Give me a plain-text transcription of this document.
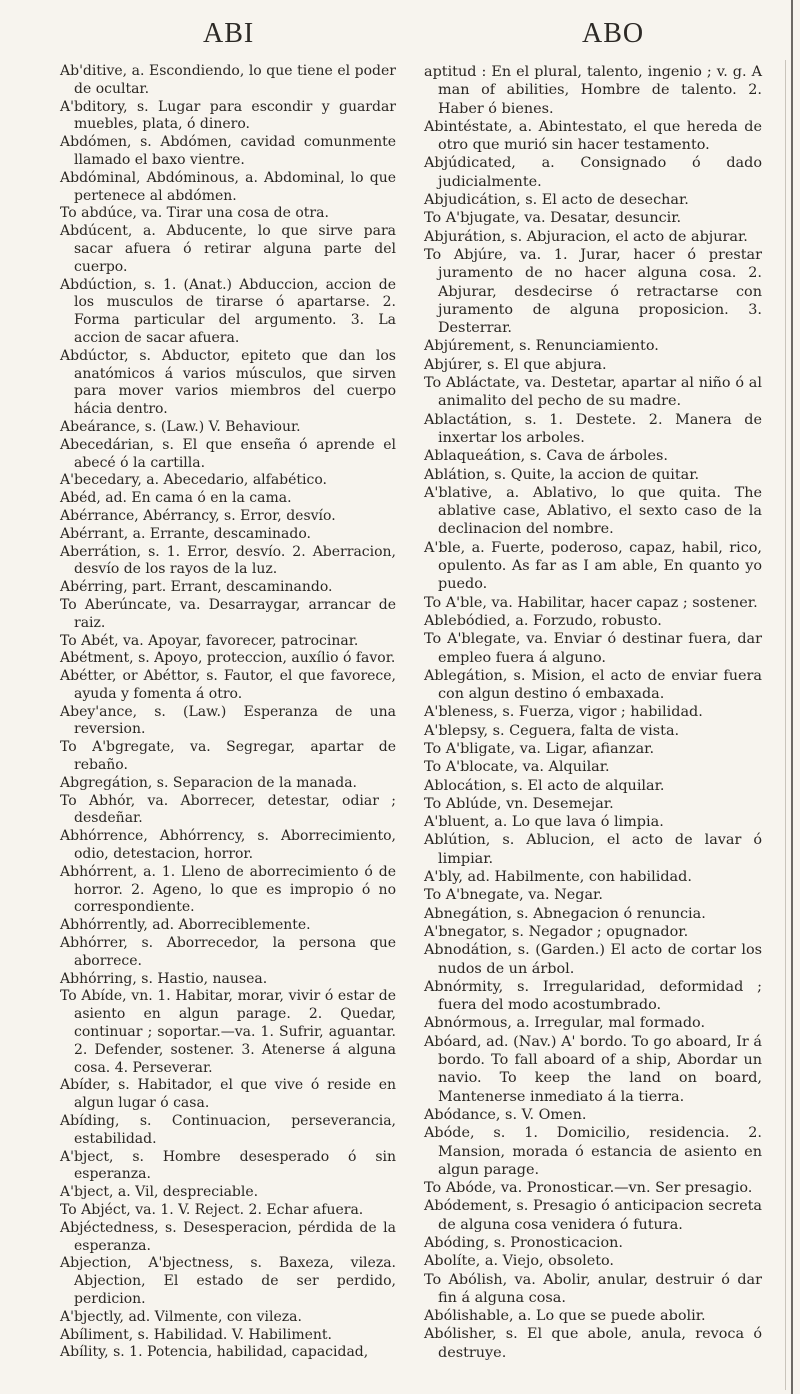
ABI	ABO

Ab'ditive, a. Escondiendo, lo que tiene el poder de ocultar.

A'bditory, s. Lugar para escondir y guardar muebles, plata, ó dinero.

Abdómen, s. Abdómen, cavidad comunmente llamado el baxo vientre.

Abdóminal, Abdóminous, a. Abdominal, lo que pertenece al abdómen.

To abdúce, va. Tirar una cosa de otra.

Abdúcent, a. Abducente, lo que sirve para sacar afuera ó retirar alguna parte del cuerpo.

Abdúction, s. 1. (Anat.) Abduccion, accion de los musculos de tirarse ó apartarse. 2. Forma particular del argumento. 3. La accion de sacar afuera.

Abdúctor, s. Abductor, epiteto que dan los anatómicos á varios músculos, que sirven para mover varios miembros del cuerpo hácia dentro.

Abeárance, s. (Law.) V. Behaviour.

Abecedárian, s. El que enseña ó aprende el abecé ó la cartilla.

A'becedary, a. Abecedario, alfabético.

Abéd, ad. En cama ó en la cama.

Abérrance, Abérrancy, s. Error, desvío.

Abérrant, a. Errante, descaminado.

Aberrátion, s. 1. Error, desvío. 2. Aberracion, desvío de los rayos de la luz.

Abérring, part. Errant, descaminando.

To Aberúncate, va. Desarraygar, arrancar de raiz.

To Abét, va. Apoyar, favorecer, patrocinar.

Abétment, s. Apoyo, proteccion, auxílio ó favor.

Abétter, or Abéttor, s. Fautor, el que favorece, ayuda y fomenta á otro.

Abey'ance, s. (Law.) Esperanza de una reversion.

To A'bgregate, va. Segregar, apartar de rebaño.

Abgregátion, s. Separacion de la manada.

To Abhór, va. Aborrecer, detestar, odiar ; desdeñar.

Abhórrence, Abhórrency, s. Aborrecimiento, odio, detestacion, horror.

Abhórrent, a. 1. Lleno de aborrecimiento ó de horror. 2. Ageno, lo que es impropio ó no correspondiente.

Abhórrently, ad. Aborreciblemente.

Abhórrer, s. Aborrecedor, la persona que aborrece.

Abhórring, s. Hastio, nausea.

To Abíde, vn. 1. Habitar, morar, vivir ó estar de asiento en algun parage. 2. Quedar, continuar ; soportar.—va. 1. Sufrir, aguantar. 2. Defender, sostener. 3. Atenerse á alguna cosa. 4. Perseverar.

Abíder, s. Habitador, el que vive ó reside en algun lugar ó casa.

Abíding, s. Continuacion, perseverancia, estabilidad.

A'bject, s. Hombre desesperado ó sin esperanza.

A'bject, a. Vil, despreciable.

To Abjéct, va. 1. V. Reject. 2. Echar afuera.

Abjéctedness, s. Desesperacion, pérdida de la esperanza.

Abjection, A'bjectness, s. Baxeza, vileza. Abjection, El estado de ser perdido, perdicion.

A'bjectly, ad. Vilmente, con vileza.

Abíliment, s. Habilidad. V. Habiliment.

Abílity, s. 1. Potencia, habilidad, capacidad,

aptitud : En el plural, talento, ingenio ; v. g. A man of abilities, Hombre de talento. 2. Haber ó bienes.

Abintéstate, a. Abintestato, el que hereda de otro que murió sin hacer testamento.

Abjúdicated, a. Consignado ó dado judicialmente.

Abjudicátion, s. El acto de desechar.

To A'bjugate, va. Desatar, desuncir.

Abjurátion, s. Abjuracion, el acto de abjurar.

To Abjúre, va. 1. Jurar, hacer ó prestar juramento de no hacer alguna cosa. 2. Abjurar, desdecirse ó retractarse con juramento de alguna proposicion. 3. Desterrar.

Abjúrement, s. Renunciamiento.

Abjúrer, s. El que abjura.

To Abláctate, va. Destetar, apartar al niño ó al animalito del pecho de su madre.

Ablactátion, s. 1. Destete. 2. Manera de inxertar los arboles.

Ablaqueátion, s. Cava de árboles.

Ablátion, s. Quite, la accion de quitar.

A'blative, a. Ablativo, lo que quita. The ablative case, Ablativo, el sexto caso de la declinacion del nombre.

A'ble, a. Fuerte, poderoso, capaz, habil, rico, opulento. As far as I am able, En quanto yo puedo.

To A'ble, va. Habilitar, hacer capaz ; sostener.

Ablebódied, a. Forzudo, robusto.

To A'blegate, va. Enviar ó destinar fuera, dar empleo fuera á alguno.

Ablegátion, s. Mision, el acto de enviar fuera con algun destino ó embaxada.

A'bleness, s. Fuerza, vigor ; habilidad.

A'blepsy, s. Ceguera, falta de vista.

To A'bligate, va. Ligar, afianzar.

To A'blocate, va. Alquilar.

Ablocátion, s. El acto de alquilar.

To Ablúde, vn. Desemejar.

A'bluent, a. Lo que lava ó limpia.

Ablútion, s. Ablucion, el acto de lavar ó limpiar.

A'bly, ad. Habilmente, con habilidad.

To A'bnegate, va. Negar.

Abnegátion, s. Abnegacion ó renuncia.

A'bnegator, s. Negador ; opugnador.

Abnodátion, s. (Garden.) El acto de cortar los nudos de un árbol.

Abnórmity, s. Irregularidad, deformidad ; fuera del modo acostumbrado.

Abnórmous, a. Irregular, mal formado.

Abóard, ad. (Nav.) A' bordo. To go aboard, Ir á bordo. To fall aboard of a ship, Abordar un navio. To keep the land on board, Mantenerse inmediato á la tierra.

Abódance, s. V. Omen.

Abóde, s. 1. Domicilio, residencia. 2. Mansion, morada ó estancia de asiento en algun parage.

To Abóde, va. Pronosticar.—vn. Ser presagio.

Abódement, s. Presagio ó anticipacion secreta de alguna cosa venidera ó futura.

Abóding, s. Pronosticacion.

Abolíte, a. Viejo, obsoleto.

To Abólish, va. Abolir, anular, destruir ó dar fin á alguna cosa.

Abólishable, a. Lo que se puede abolir.

Abólisher, s. El que abole, anula, revoca ó destruye.
